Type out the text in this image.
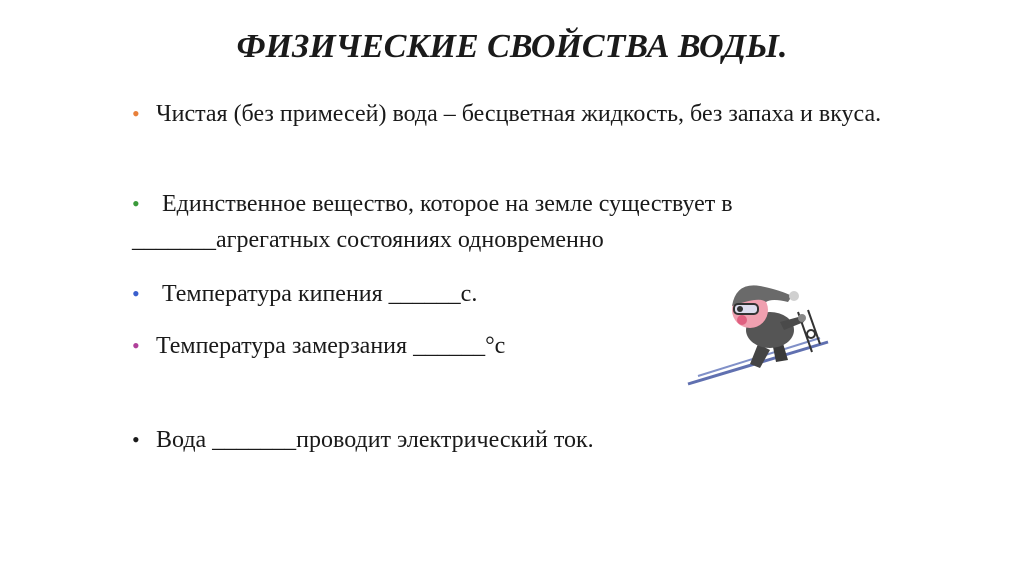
ФИЗИЧЕСКИЕ СВОЙСТВА ВОДЫ.
• Чистая (без примесей) вода – бесцветная жидкость, без запаха и вкуса.
• Единственное вещество, которое на земле существует в _______агрегатных состояниях одновременно
• Температура кипения ______с.
• Температура замерзания ______°с
• Вода _______проводит электрический ток.
